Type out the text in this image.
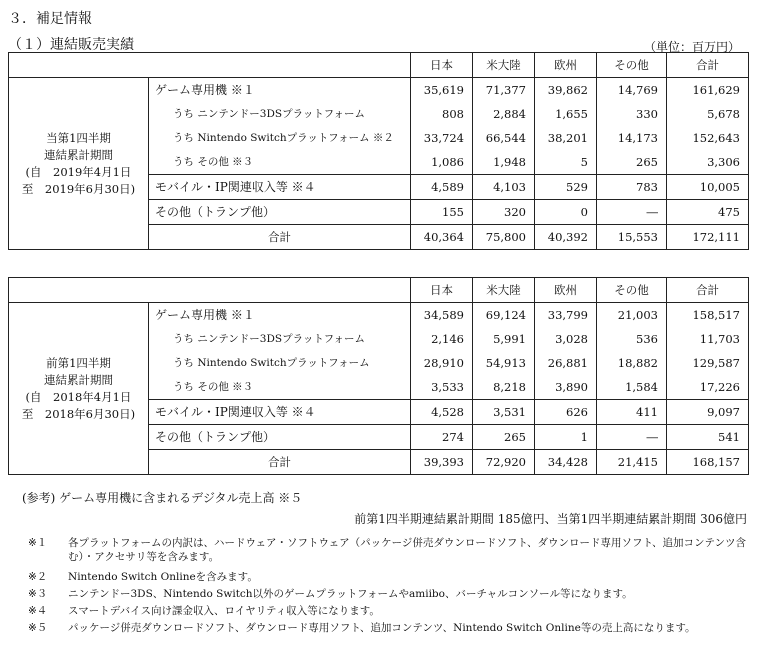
３．補足情報
（１）連結販売実績	（単位：百万円）
		日本	米大陸	欧州	その他	合計

当第1四半期
連結累計期間
(自　2019年4月1日
至　2019年6月30日)	ゲーム専用機 ※１	35,619	71,377	39,862	14,769	161,629
	うち ニンテンドー3DSプラットフォーム	808	2,884	1,655	330	5,678
	うち Nintendo Switchプラットフォーム ※２	33,724	66,544	38,201	14,173	152,643
	うち その他 ※３	1,086	1,948	5	265	3,306
	モバイル・IP関連収入等 ※４	4,589	4,103	529	783	10,005
	その他（トランプ他）	155	320	0	―	475
	合計	40,364	75,800	40,392	15,553	172,111
		日本	米大陸	欧州	その他	合計

前第1四半期
連結累計期間
(自　2018年4月1日
至　2018年6月30日)	ゲーム専用機 ※１	34,589	69,124	33,799	21,003	158,517
	うち ニンテンドー3DSプラットフォーム	2,146	5,991	3,028	536	11,703
	うち Nintendo Switchプラットフォーム	28,910	54,913	26,881	18,882	129,587
	うち その他 ※３	3,533	8,218	3,890	1,584	17,226
	モバイル・IP関連収入等 ※４	4,528	3,531	626	411	9,097
	その他（トランプ他）	274	265	1	―	541
	合計	39,393	72,920	34,428	21,415	168,157
(参考) ゲーム専用機に含まれるデジタル売上高 ※５
前第1四半期連結累計期間 185億円、当第1四半期連結累計期間 306億円
※１ 各プラットフォームの内訳は、ハードウェア・ソフトウェア（パッケージ併売ダウンロードソフト、ダウンロード専用ソフト、追加コンテンツ含む）・アクセサリ等を含みます。
※２ Nintendo Switch Onlineを含みます。
※３ ニンテンドー3DS、Nintendo Switch以外のゲームプラットフォームやamiibo、バーチャルコンソール等になります。
※４ スマートデバイス向け課金収入、ロイヤリティ収入等になります。
※５ パッケージ併売ダウンロードソフト、ダウンロード専用ソフト、追加コンテンツ、Nintendo Switch Online等の売上高になります。
